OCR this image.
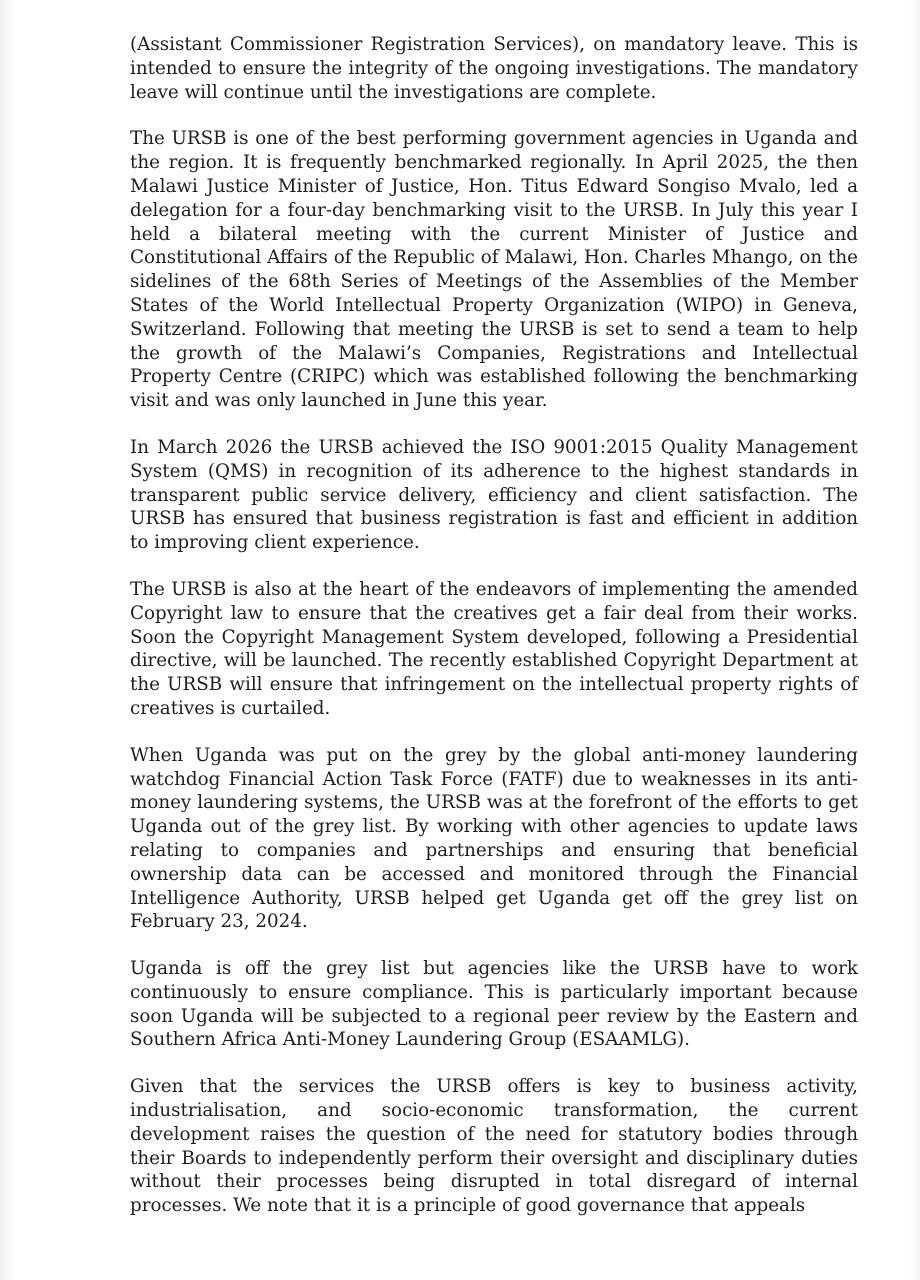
(Assistant Commissioner Registration Services), on mandatory leave. This is intended to ensure the integrity of the ongoing investigations. The mandatory leave will continue until the investigations are complete.

The URSB is one of the best performing government agencies in Uganda and the region. It is frequently benchmarked regionally. In April 2025, the then Malawi Justice Minister of Justice, Hon. Titus Edward Songiso Mvalo, led a delegation for a four-day benchmarking visit to the URSB. In July this year I held a bilateral meeting with the current Minister of Justice and Constitutional Affairs of the Republic of Malawi, Hon. Charles Mhango, on the sidelines of the 68th Series of Meetings of the Assemblies of the Member States of the World Intellectual Property Organization (WIPO) in Geneva, Switzerland. Following that meeting the URSB is set to send a team to help the growth of the Malawi’s Companies, Registrations and Intellectual Property Centre (CRIPC) which was established following the benchmarking visit and was only launched in June this year.

In March 2026 the URSB achieved the ISO 9001:2015 Quality Management System (QMS) in recognition of its adherence to the highest standards in transparent public service delivery, efficiency and client satisfaction. The URSB has ensured that business registration is fast and efficient in addition to improving client experience.

The URSB is also at the heart of the endeavors of implementing the amended Copyright law to ensure that the creatives get a fair deal from their works. Soon the Copyright Management System developed, following a Presidential directive, will be launched. The recently established Copyright Department at the URSB will ensure that infringement on the intellectual property rights of creatives is curtailed.

When Uganda was put on the grey by the global anti-money laundering watchdog Financial Action Task Force (FATF) due to weaknesses in its anti-money laundering systems, the URSB was at the forefront of the efforts to get Uganda out of the grey list. By working with other agencies to update laws relating to companies and partnerships and ensuring that beneficial ownership data can be accessed and monitored through the Financial Intelligence Authority, URSB helped get Uganda get off the grey list on February 23, 2024.

Uganda is off the grey list but agencies like the URSB have to work continuously to ensure compliance. This is particularly important because soon Uganda will be subjected to a regional peer review by the Eastern and Southern Africa Anti-Money Laundering Group (ESAAMLG).

Given that the services the URSB offers is key to business activity, industrialisation, and socio-economic transformation, the current development raises the question of the need for statutory bodies through their Boards to independently perform their oversight and disciplinary duties without their processes being disrupted in total disregard of internal processes. We note that it is a principle of good governance that appeals
